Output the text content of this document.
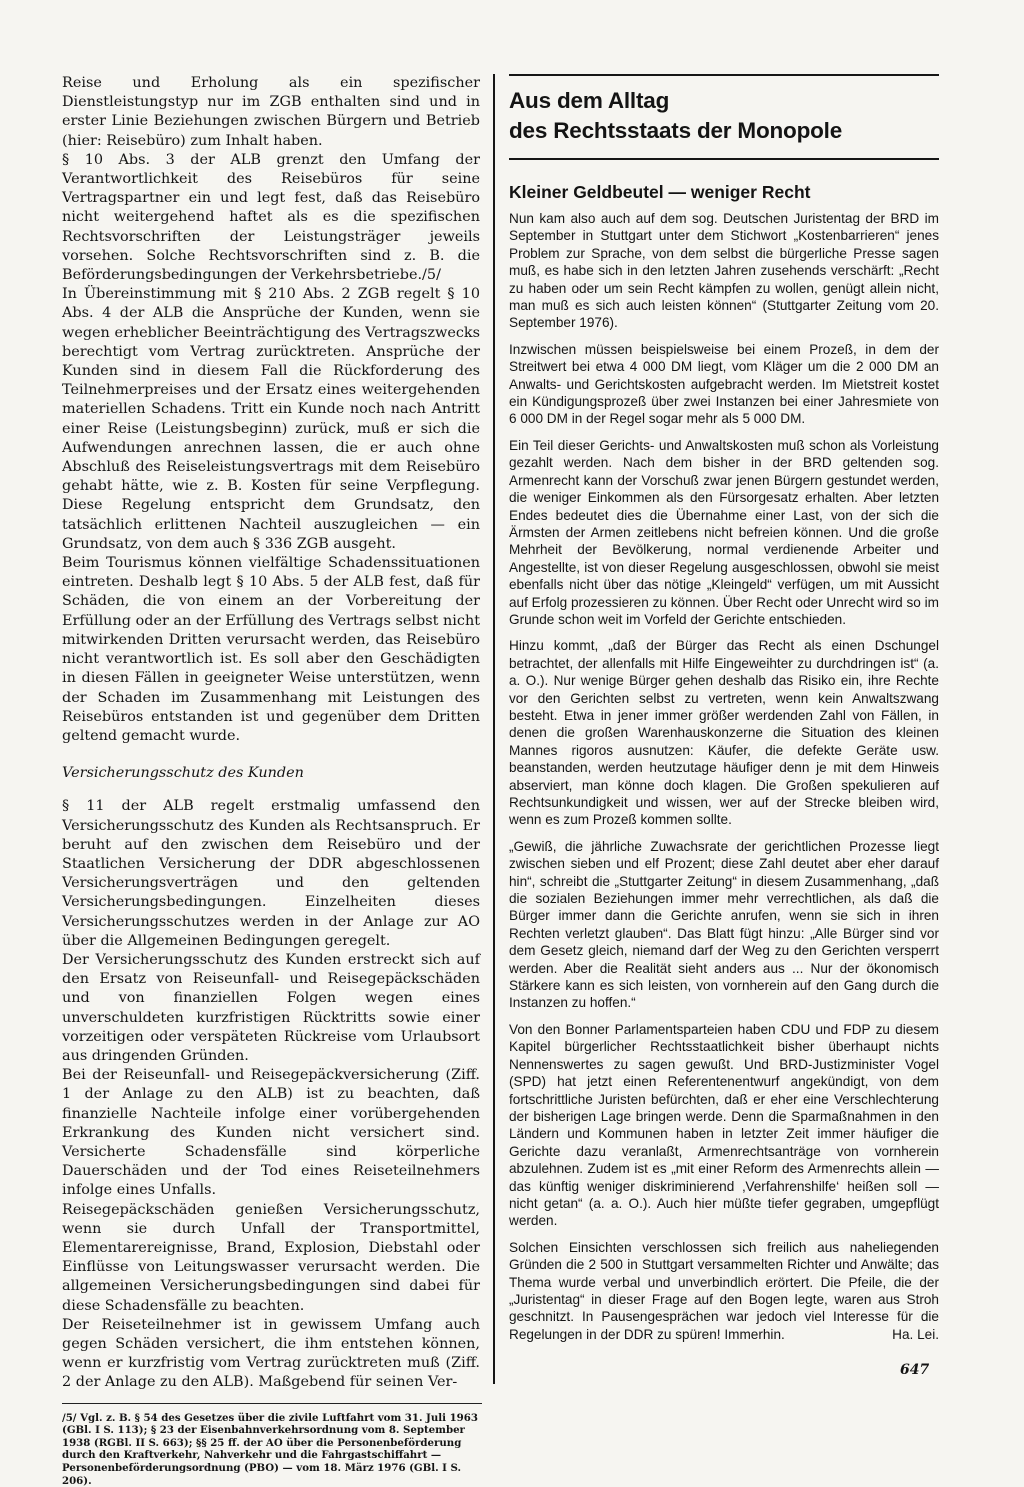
Reise und Erholung als ein spezifischer Dienstleistungstyp nur im ZGB enthalten sind und in erster Linie Beziehungen zwischen Bürgern und Betrieb (hier: Reisebüro) zum Inhalt haben.

§ 10 Abs. 3 der ALB grenzt den Umfang der Verantwortlichkeit des Reisebüros für seine Vertragspartner ein und legt fest, daß das Reisebüro nicht weitergehend haftet als es die spezifischen Rechtsvorschriften der Leistungsträger jeweils vorsehen. Solche Rechtsvorschriften sind z. B. die Beförderungsbedingungen der Verkehrsbetriebe./5/

In Übereinstimmung mit § 210 Abs. 2 ZGB regelt § 10 Abs. 4 der ALB die Ansprüche der Kunden, wenn sie wegen erheblicher Beeinträchtigung des Vertragszwecks berechtigt vom Vertrag zurücktreten. Ansprüche der Kunden sind in diesem Fall die Rückforderung des Teilnehmerpreises und der Ersatz eines weitergehenden materiellen Schadens. Tritt ein Kunde noch nach Antritt einer Reise (Leistungsbeginn) zurück, muß er sich die Aufwendungen anrechnen lassen, die er auch ohne Abschluß des Reiseleistungsvertrags mit dem Reisebüro gehabt hätte, wie z. B. Kosten für seine Verpflegung. Diese Regelung entspricht dem Grundsatz, den tatsächlich erlittenen Nachteil auszugleichen — ein Grundsatz, von dem auch § 336 ZGB ausgeht.

Beim Tourismus können vielfältige Schadenssituationen eintreten. Deshalb legt § 10 Abs. 5 der ALB fest, daß für Schäden, die von einem an der Vorbereitung der Erfüllung oder an der Erfüllung des Vertrags selbst nicht mitwirkenden Dritten verursacht werden, das Reisebüro nicht verantwortlich ist. Es soll aber den Geschädigten in diesen Fällen in geeigneter Weise unterstützen, wenn der Schaden im Zusammenhang mit Leistungen des Reisebüros entstanden ist und gegenüber dem Dritten geltend gemacht wurde.

Versicherungsschutz des Kunden

§ 11 der ALB regelt erstmalig umfassend den Versicherungsschutz des Kunden als Rechtsanspruch. Er beruht auf den zwischen dem Reisebüro und der Staatlichen Versicherung der DDR abgeschlossenen Versicherungsverträgen und den geltenden Versicherungsbedingungen. Einzelheiten dieses Versicherungsschutzes werden in der Anlage zur AO über die Allgemeinen Bedingungen geregelt.

Der Versicherungsschutz des Kunden erstreckt sich auf den Ersatz von Reiseunfall- und Reisegepäckschäden und von finanziellen Folgen wegen eines unverschuldeten kurzfristigen Rücktritts sowie einer vorzeitigen oder verspäteten Rückreise vom Urlaubsort aus dringenden Gründen.

Bei der Reiseunfall- und Reisegepäckversicherung (Ziff. 1 der Anlage zu den ALB) ist zu beachten, daß finanzielle Nachteile infolge einer vorübergehenden Erkrankung des Kunden nicht versichert sind. Versicherte Schadensfälle sind körperliche Dauerschäden und der Tod eines Reiseteilnehmers infolge eines Unfalls.

Reisegepäckschäden genießen Versicherungsschutz, wenn sie durch Unfall der Transportmittel, Elementarereignisse, Brand, Explosion, Diebstahl oder Einflüsse von Leitungswasser verursacht werden. Die allgemeinen Versicherungsbedingungen sind dabei für diese Schadensfälle zu beachten.

Der Reiseteilnehmer ist in gewissem Umfang auch gegen Schäden versichert, die ihm entstehen können, wenn er kurzfristig vom Vertrag zurücktreten muß (Ziff. 2 der Anlage zu den ALB). Maßgebend für seinen Ver-

/5/ Vgl. z. B. § 54 des Gesetzes über die zivile Luftfahrt vom 31. Juli 1963 (GBl. I S. 113); § 23 der Eisenbahnverkehrsordnung vom 8. September 1938 (RGBl. II S. 663); §§ 25 ff. der AO über die Personenbeförderung durch den Kraftverkehr, Nahverkehr und die Fahrgastschiffahrt — Personenbeförderungsordnung (PBO) — vom 18. März 1976 (GBl. I S. 206).

Aus dem Alltag
des Rechtsstaats der Monopole
Kleiner Geldbeutel — weniger Recht

Nun kam also auch auf dem sog. Deutschen Juristentag der BRD im September in Stuttgart unter dem Stichwort „Kostenbarrieren“ jenes Problem zur Sprache, von dem selbst die bürgerliche Presse sagen muß, es habe sich in den letzten Jahren zusehends verschärft: „Recht zu haben oder um sein Recht kämpfen zu wollen, genügt allein nicht, man muß es sich auch leisten können“ (Stuttgarter Zeitung vom 20. September 1976).

Inzwischen müssen beispielsweise bei einem Prozeß, in dem der Streitwert bei etwa 4 000 DM liegt, vom Kläger um die 2 000 DM an Anwalts- und Gerichtskosten aufgebracht werden. Im Mietstreit kostet ein Kündigungsprozeß über zwei Instanzen bei einer Jahresmiete von 6 000 DM in der Regel sogar mehr als 5 000 DM.

Ein Teil dieser Gerichts- und Anwaltskosten muß schon als Vorleistung gezahlt werden. Nach dem bisher in der BRD geltenden sog. Armenrecht kann der Vorschuß zwar jenen Bürgern gestundet werden, die weniger Einkommen als den Fürsorgesatz erhalten. Aber letzten Endes bedeutet dies die Übernahme einer Last, von der sich die Ärmsten der Armen zeitlebens nicht befreien können. Und die große Mehrheit der Bevölkerung, normal verdienende Arbeiter und Angestellte, ist von dieser Regelung ausgeschlossen, obwohl sie meist ebenfalls nicht über das nötige „Kleingeld“ verfügen, um mit Aussicht auf Erfolg prozessieren zu können. Über Recht oder Unrecht wird so im Grunde schon weit im Vorfeld der Gerichte entschieden.

Hinzu kommt, „daß der Bürger das Recht als einen Dschungel betrachtet, der allenfalls mit Hilfe Eingeweihter zu durchdringen ist“ (a. a. O.). Nur wenige Bürger gehen deshalb das Risiko ein, ihre Rechte vor den Gerichten selbst zu vertreten, wenn kein Anwaltszwang besteht. Etwa in jener immer größer werdenden Zahl von Fällen, in denen die großen Warenhauskonzerne die Situation des kleinen Mannes rigoros ausnutzen: Käufer, die defekte Geräte usw. beanstanden, werden heutzutage häufiger denn je mit dem Hinweis abserviert, man könne doch klagen. Die Großen spekulieren auf Rechtsunkundigkeit und wissen, wer auf der Strecke bleiben wird, wenn es zum Prozeß kommen sollte.

„Gewiß, die jährliche Zuwachsrate der gerichtlichen Prozesse liegt zwischen sieben und elf Prozent; diese Zahl deutet aber eher darauf hin“, schreibt die „Stuttgarter Zeitung“ in diesem Zusammenhang, „daß die sozialen Beziehungen immer mehr verrechtlichen, als daß die Bürger immer dann die Gerichte anrufen, wenn sie sich in ihren Rechten verletzt glauben“. Das Blatt fügt hinzu: „Alle Bürger sind vor dem Gesetz gleich, niemand darf der Weg zu den Gerichten versperrt werden. Aber die Realität sieht anders aus ... Nur der ökonomisch Stärkere kann es sich leisten, von vornherein auf den Gang durch die Instanzen zu hoffen.“

Von den Bonner Parlamentsparteien haben CDU und FDP zu diesem Kapitel bürgerlicher Rechtsstaatlichkeit bisher überhaupt nichts Nennenswertes zu sagen gewußt. Und BRD-Justizminister Vogel (SPD) hat jetzt einen Referentenentwurf angekündigt, von dem fortschrittliche Juristen befürchten, daß er eher eine Verschlechterung der bisherigen Lage bringen werde. Denn die Sparmaßnahmen in den Ländern und Kommunen haben in letzter Zeit immer häufiger die Gerichte dazu veranlaßt, Armenrechtsanträge von vornherein abzulehnen. Zudem ist es „mit einer Reform des Armenrechts allein — das künftig weniger diskriminierend ‚Verfahrenshilfe‘ heißen soll — nicht getan“ (a. a. O.). Auch hier müßte tiefer gegraben, umgepflügt werden.

Solchen Einsichten verschlossen sich freilich aus naheliegenden Gründen die 2 500 in Stuttgart versammelten Richter und Anwälte; das Thema wurde verbal und unverbindlich erörtert. Die Pfeile, die der „Juristentag“ in dieser Frage auf den Bogen legte, waren aus Stroh geschnitzt. In Pausengesprächen war jedoch viel Interesse für die Regelungen in der DDR zu spüren! Immerhin.	Ha. Lei.

647
